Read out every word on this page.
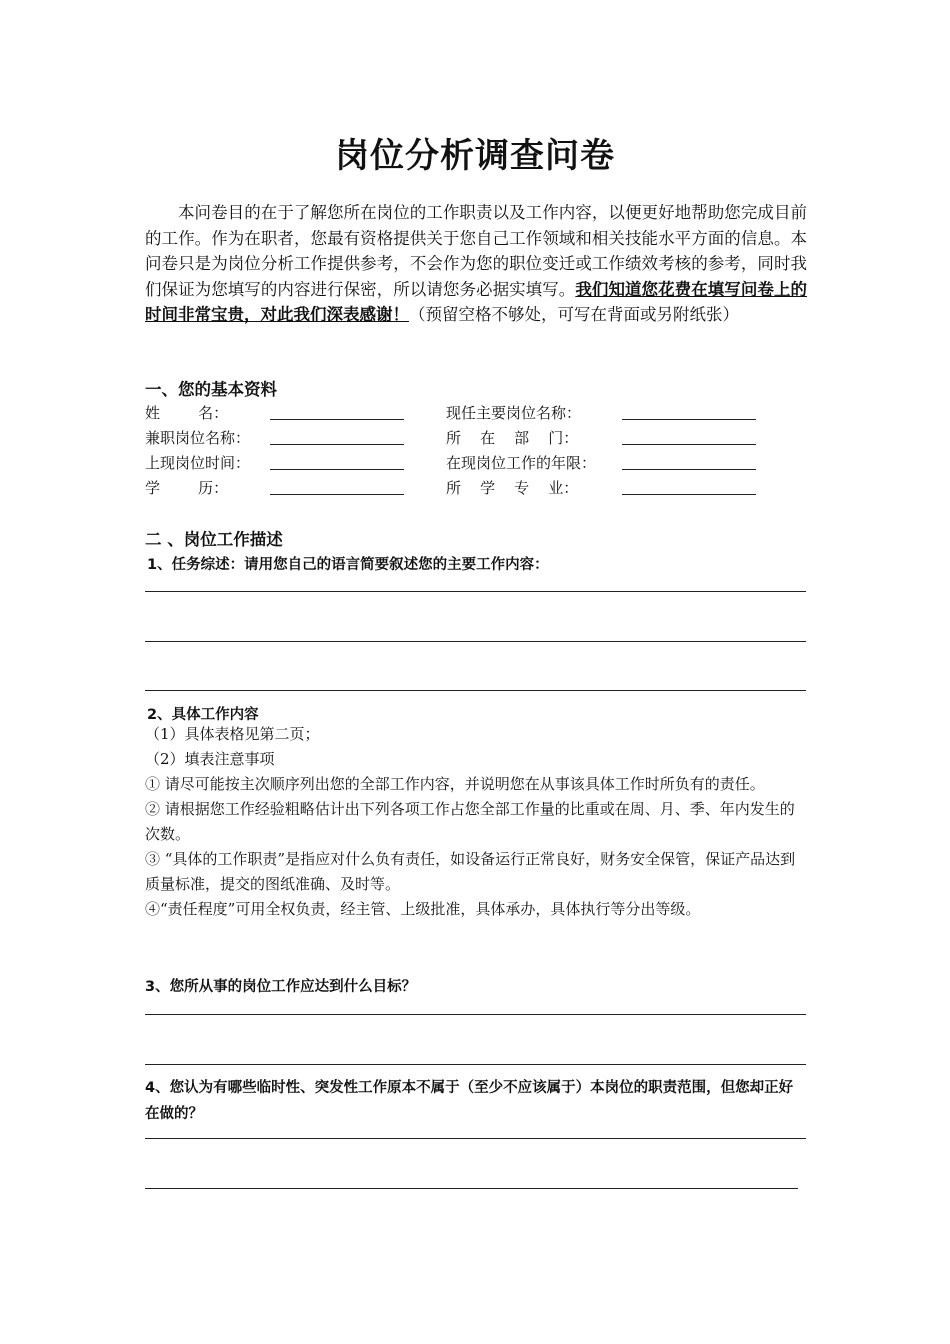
岗位分析调查问卷
本问卷目的在于了解您所在岗位的工作职责以及工作内容，以便更好地帮助您完成目前的工作。作为在职者，您最有资格提供关于您自己工作领域和相关技能水平方面的信息。本问卷只是为岗位分析工作提供参考，不会作为您的职位变迁或工作绩效考核的参考，同时我们保证为您填写的内容进行保密，所以请您务必据实填写。我们知道您花费在填写问卷上的时间非常宝贵，对此我们深表感谢！（预留空格不够处，可写在背面或另附纸张）
一、您的基本资料
姓        名：	现任主要岗位名称：
兼职岗位名称：	所    在    部    门：
上现岗位时间：	在现岗位工作的年限：
学        历：	所    学    专    业：
二 、岗位工作描述
1、任务综述：请用您自己的语言简要叙述您的主要工作内容：
2、具体工作内容

（1）具体表格见第二页；

（2）填表注意事项

① 请尽可能按主次顺序列出您的全部工作内容，并说明您在从事该具体工作时所负有的责任。

② 请根据您工作经验粗略估计出下列各项工作占您全部工作量的比重或在周、月、季、年内发生的次数。

③ “具体的工作职责”是指应对什么负有责任，如设备运行正常良好，财务安全保管，保证产品达到质量标准，提交的图纸准确、及时等。

④“责任程度”可用全权负责，经主管、上级批准，具体承办，具体执行等分出等级。

3、您所从事的岗位工作应达到什么目标？
4、您认为有哪些临时性、突发性工作原本不属于（至少不应该属于）本岗位的职责范围，但您却正好在做的？
